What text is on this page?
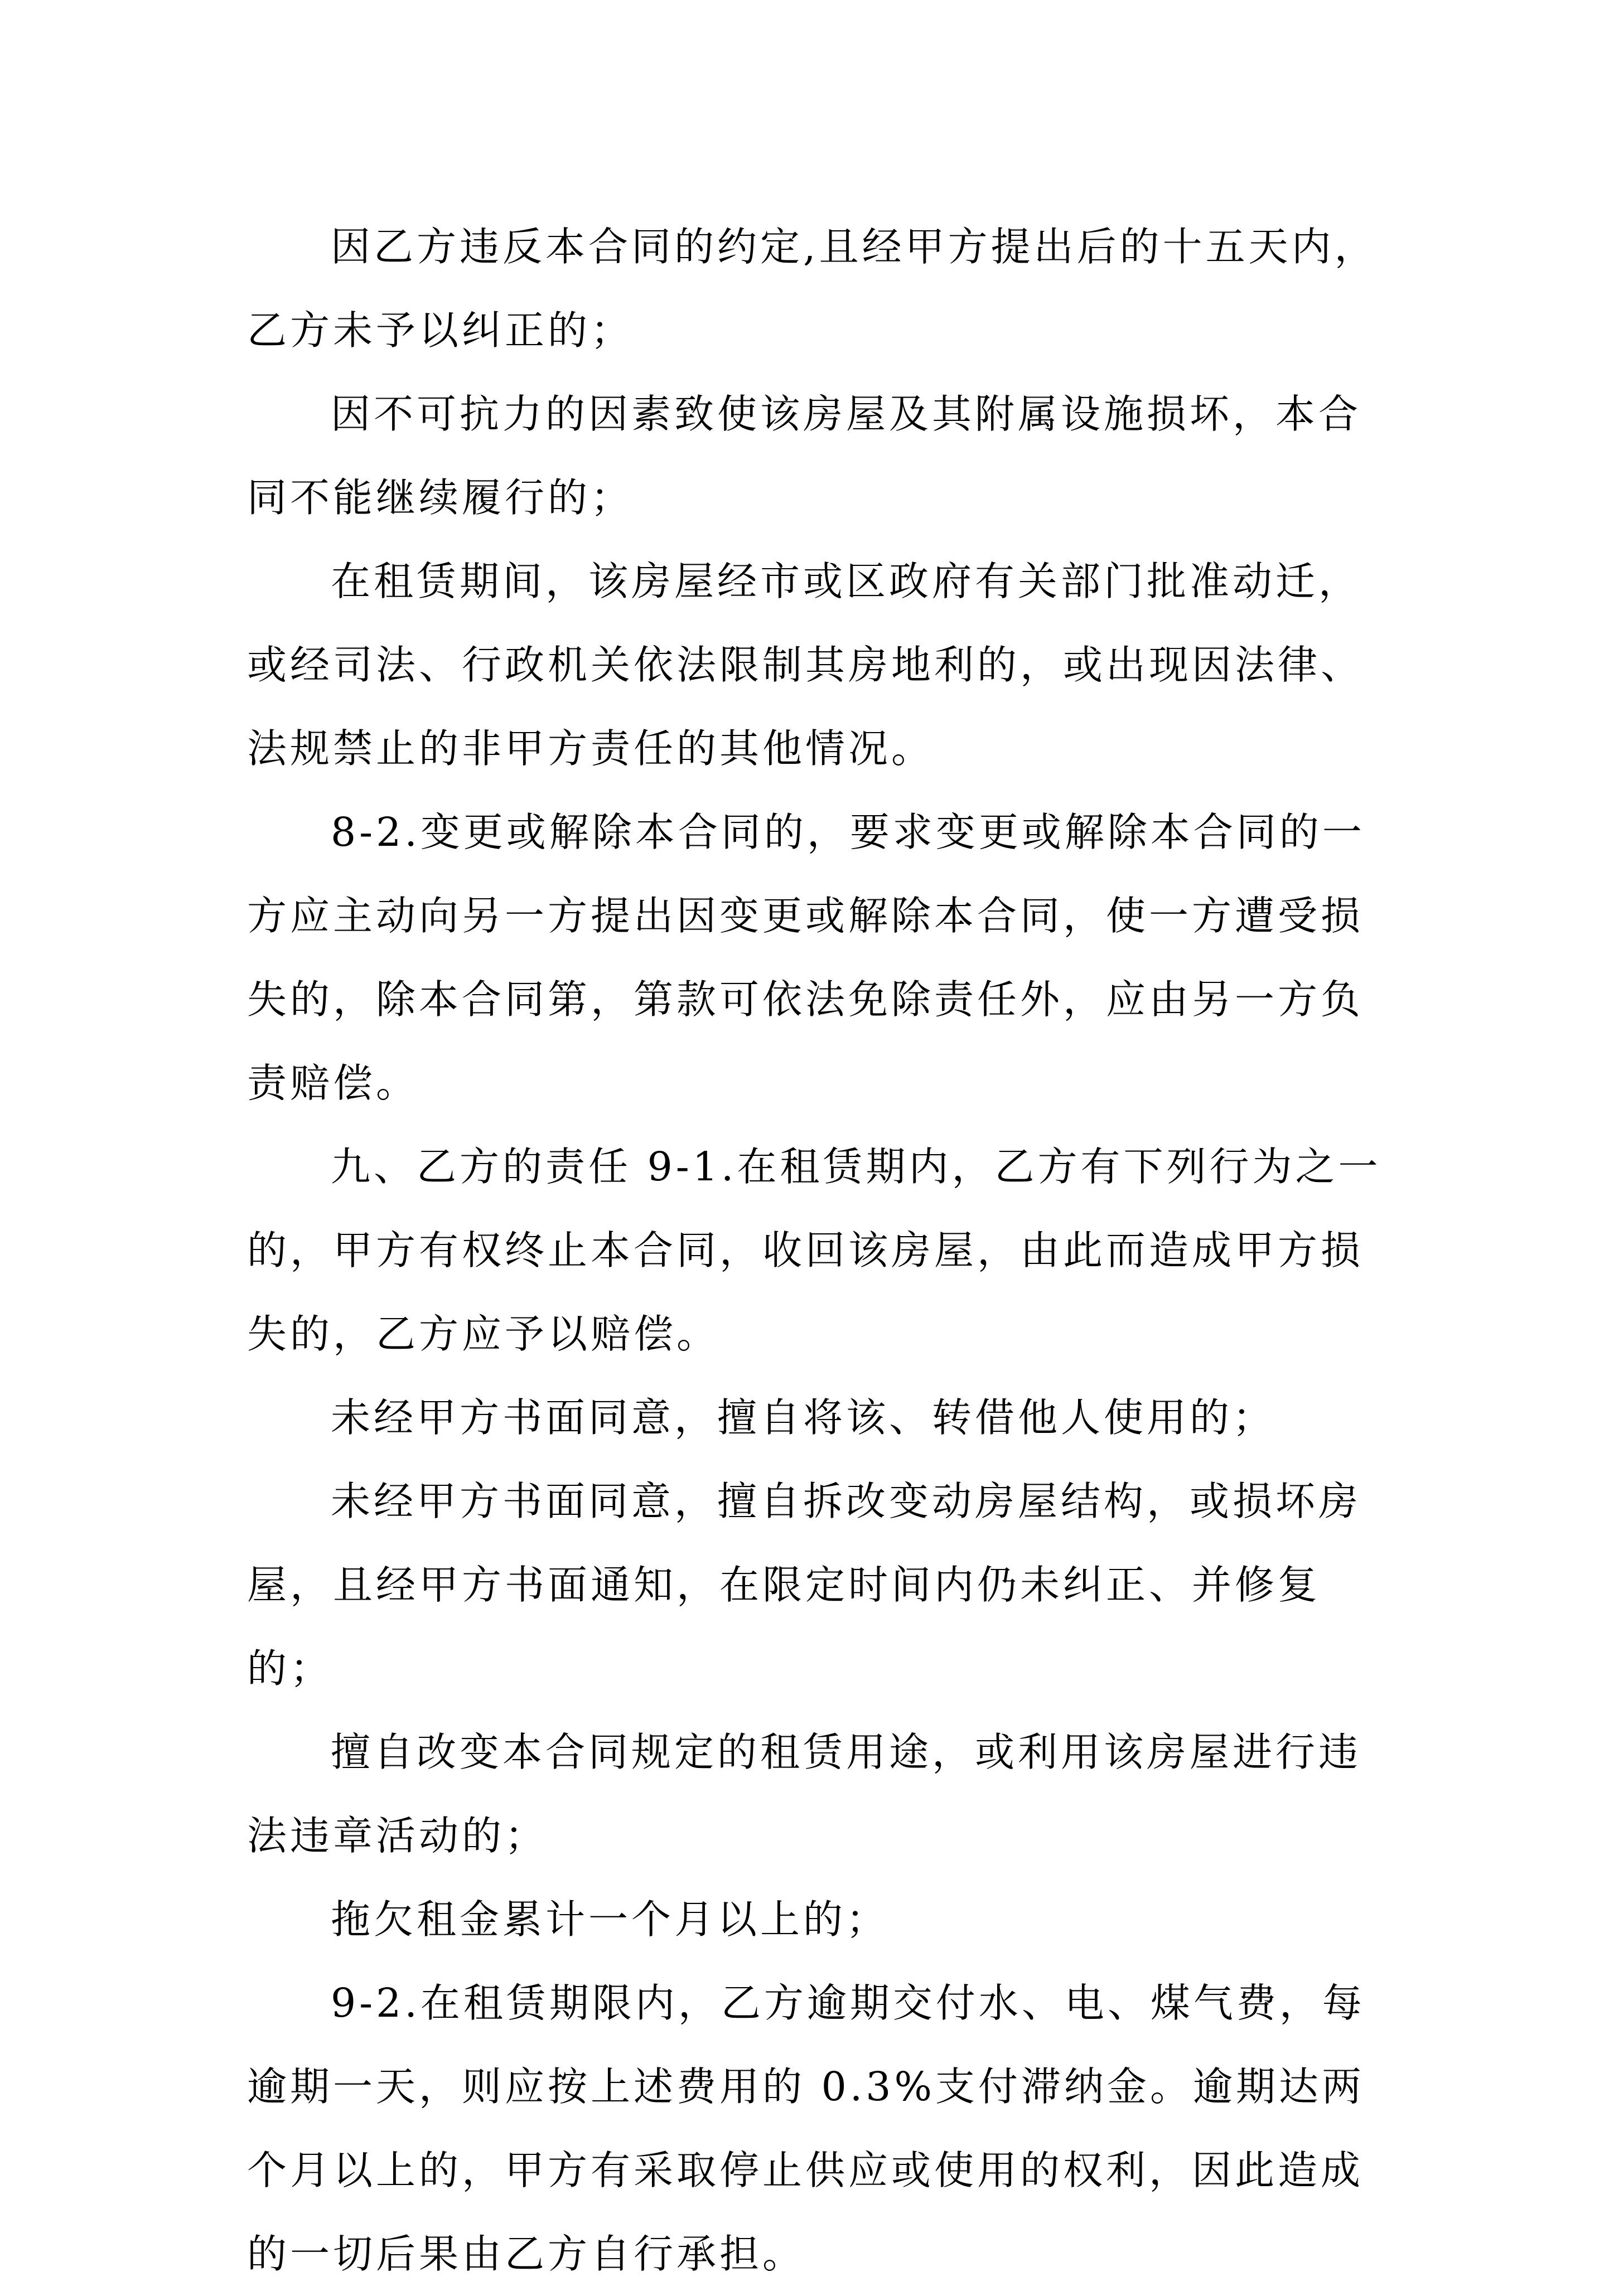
因乙方违反本合同的约定,且经甲方提出后的十五天内，乙方未予以纠正的；

因不可抗力的因素致使该房屋及其附属设施损坏，本合同不能继续履行的；

在租赁期间，该房屋经市或区政府有关部门批准动迁，或经司法、行政机关依法限制其房地利的，或出现因法律、法规禁止的非甲方责任的其他情况。

8-2.变更或解除本合同的，要求变更或解除本合同的一方应主动向另一方提出因变更或解除本合同，使一方遭受损失的，除本合同第，第款可依法免除责任外，应由另一方负责赔偿。

九、乙方的责任 9-1.在租赁期内，乙方有下列行为之一的，甲方有权终止本合同，收回该房屋，由此而造成甲方损失的，乙方应予以赔偿。

未经甲方书面同意，擅自将该、转借他人使用的；

未经甲方书面同意，擅自拆改变动房屋结构，或损坏房屋，且经甲方书面通知，在限定时间内仍未纠正、并修复的；

擅自改变本合同规定的租赁用途，或利用该房屋进行违法违章活动的；

拖欠租金累计一个月以上的；

9-2.在租赁期限内，乙方逾期交付水、电、煤气费，每逾期一天，则应按上述费用的 0.3%支付滞纳金。逾期达两个月以上的，甲方有采取停止供应或使用的权利，因此造成的一切后果由乙方自行承担。
